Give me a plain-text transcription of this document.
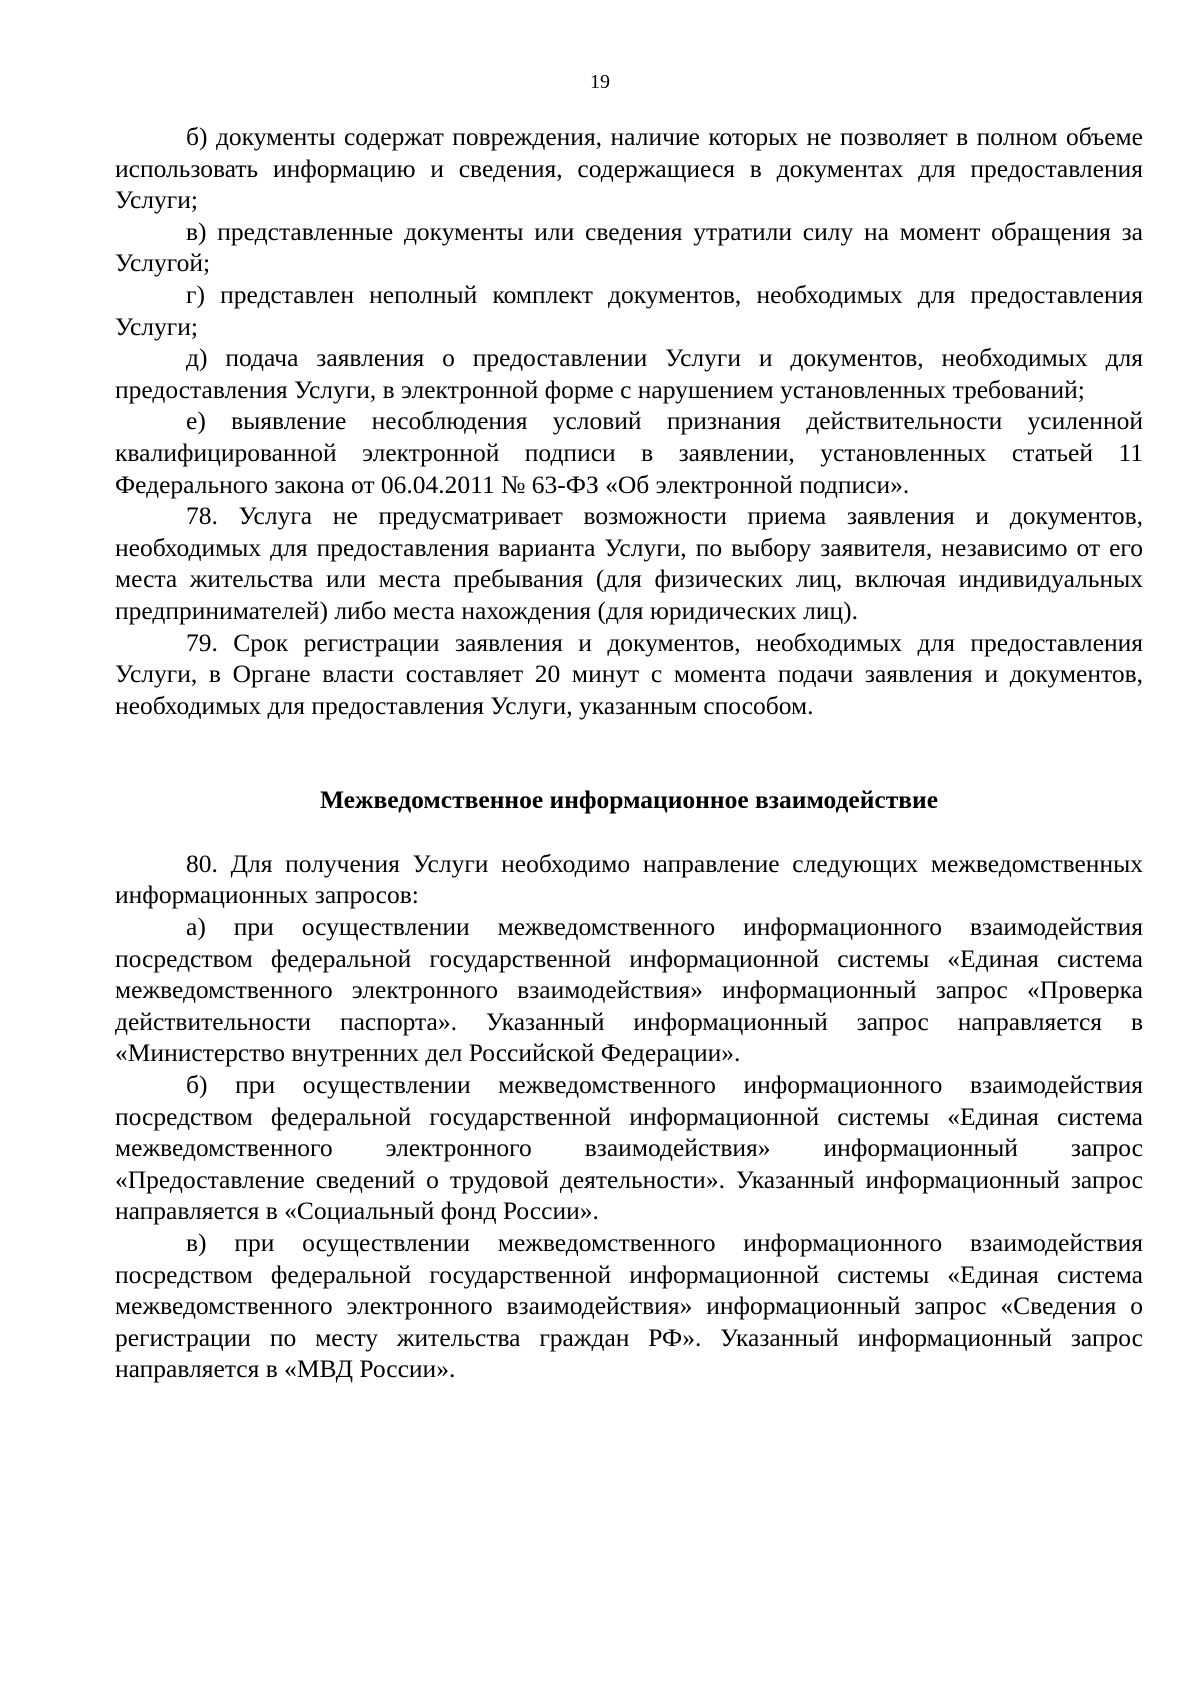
19

б) документы содержат повреждения, наличие которых не позволяет в полном объеме использовать информацию и сведения, содержащиеся в документах для предоставления Услуги;

в) представленные документы или сведения утратили силу на момент обращения за Услугой;

г) представлен неполный комплект документов, необходимых для предоставления Услуги;

д) подача заявления о предоставлении Услуги и документов, необходимых для предоставления Услуги, в электронной форме с нарушением установленных требований;

е) выявление несоблюдения условий признания действительности усиленной квалифицированной электронной подписи в заявлении, установленных статьей 11 Федерального закона от 06.04.2011 № 63-ФЗ «Об электронной подписи».

78. Услуга не предусматривает возможности приема заявления и документов, необходимых для предоставления варианта Услуги, по выбору заявителя, независимо от его места жительства или места пребывания (для физических лиц, включая индивидуальных предпринимателей) либо места нахождения (для юридических лиц).

79. Срок регистрации заявления и документов, необходимых для предоставления Услуги, в Органе власти составляет 20 минут с момента подачи заявления и документов, необходимых для предоставления Услуги, указанным способом.

Межведомственное информационное взаимодействие

80. Для получения Услуги необходимо направление следующих межведомственных информационных запросов:

а) при осуществлении межведомственного информационного взаимодействия посредством федеральной государственной информационной системы «Единая система межведомственного электронного взаимодействия» информационный запрос «Проверка действительности паспорта». Указанный информационный запрос направляется в «Министерство внутренних дел Российской Федерации».

б) при осуществлении межведомственного информационного взаимодействия посредством федеральной государственной информационной системы «Единая система межведомственного электронного взаимодействия» информационный запрос «Предоставление сведений о трудовой деятельности». Указанный информационный запрос направляется в «Социальный фонд России».

в) при осуществлении межведомственного информационного взаимодействия посредством федеральной государственной информационной системы «Единая система межведомственного электронного взаимодействия» информационный запрос «Сведения о регистрации по месту жительства граждан РФ». Указанный информационный запрос направляется в «МВД России».
